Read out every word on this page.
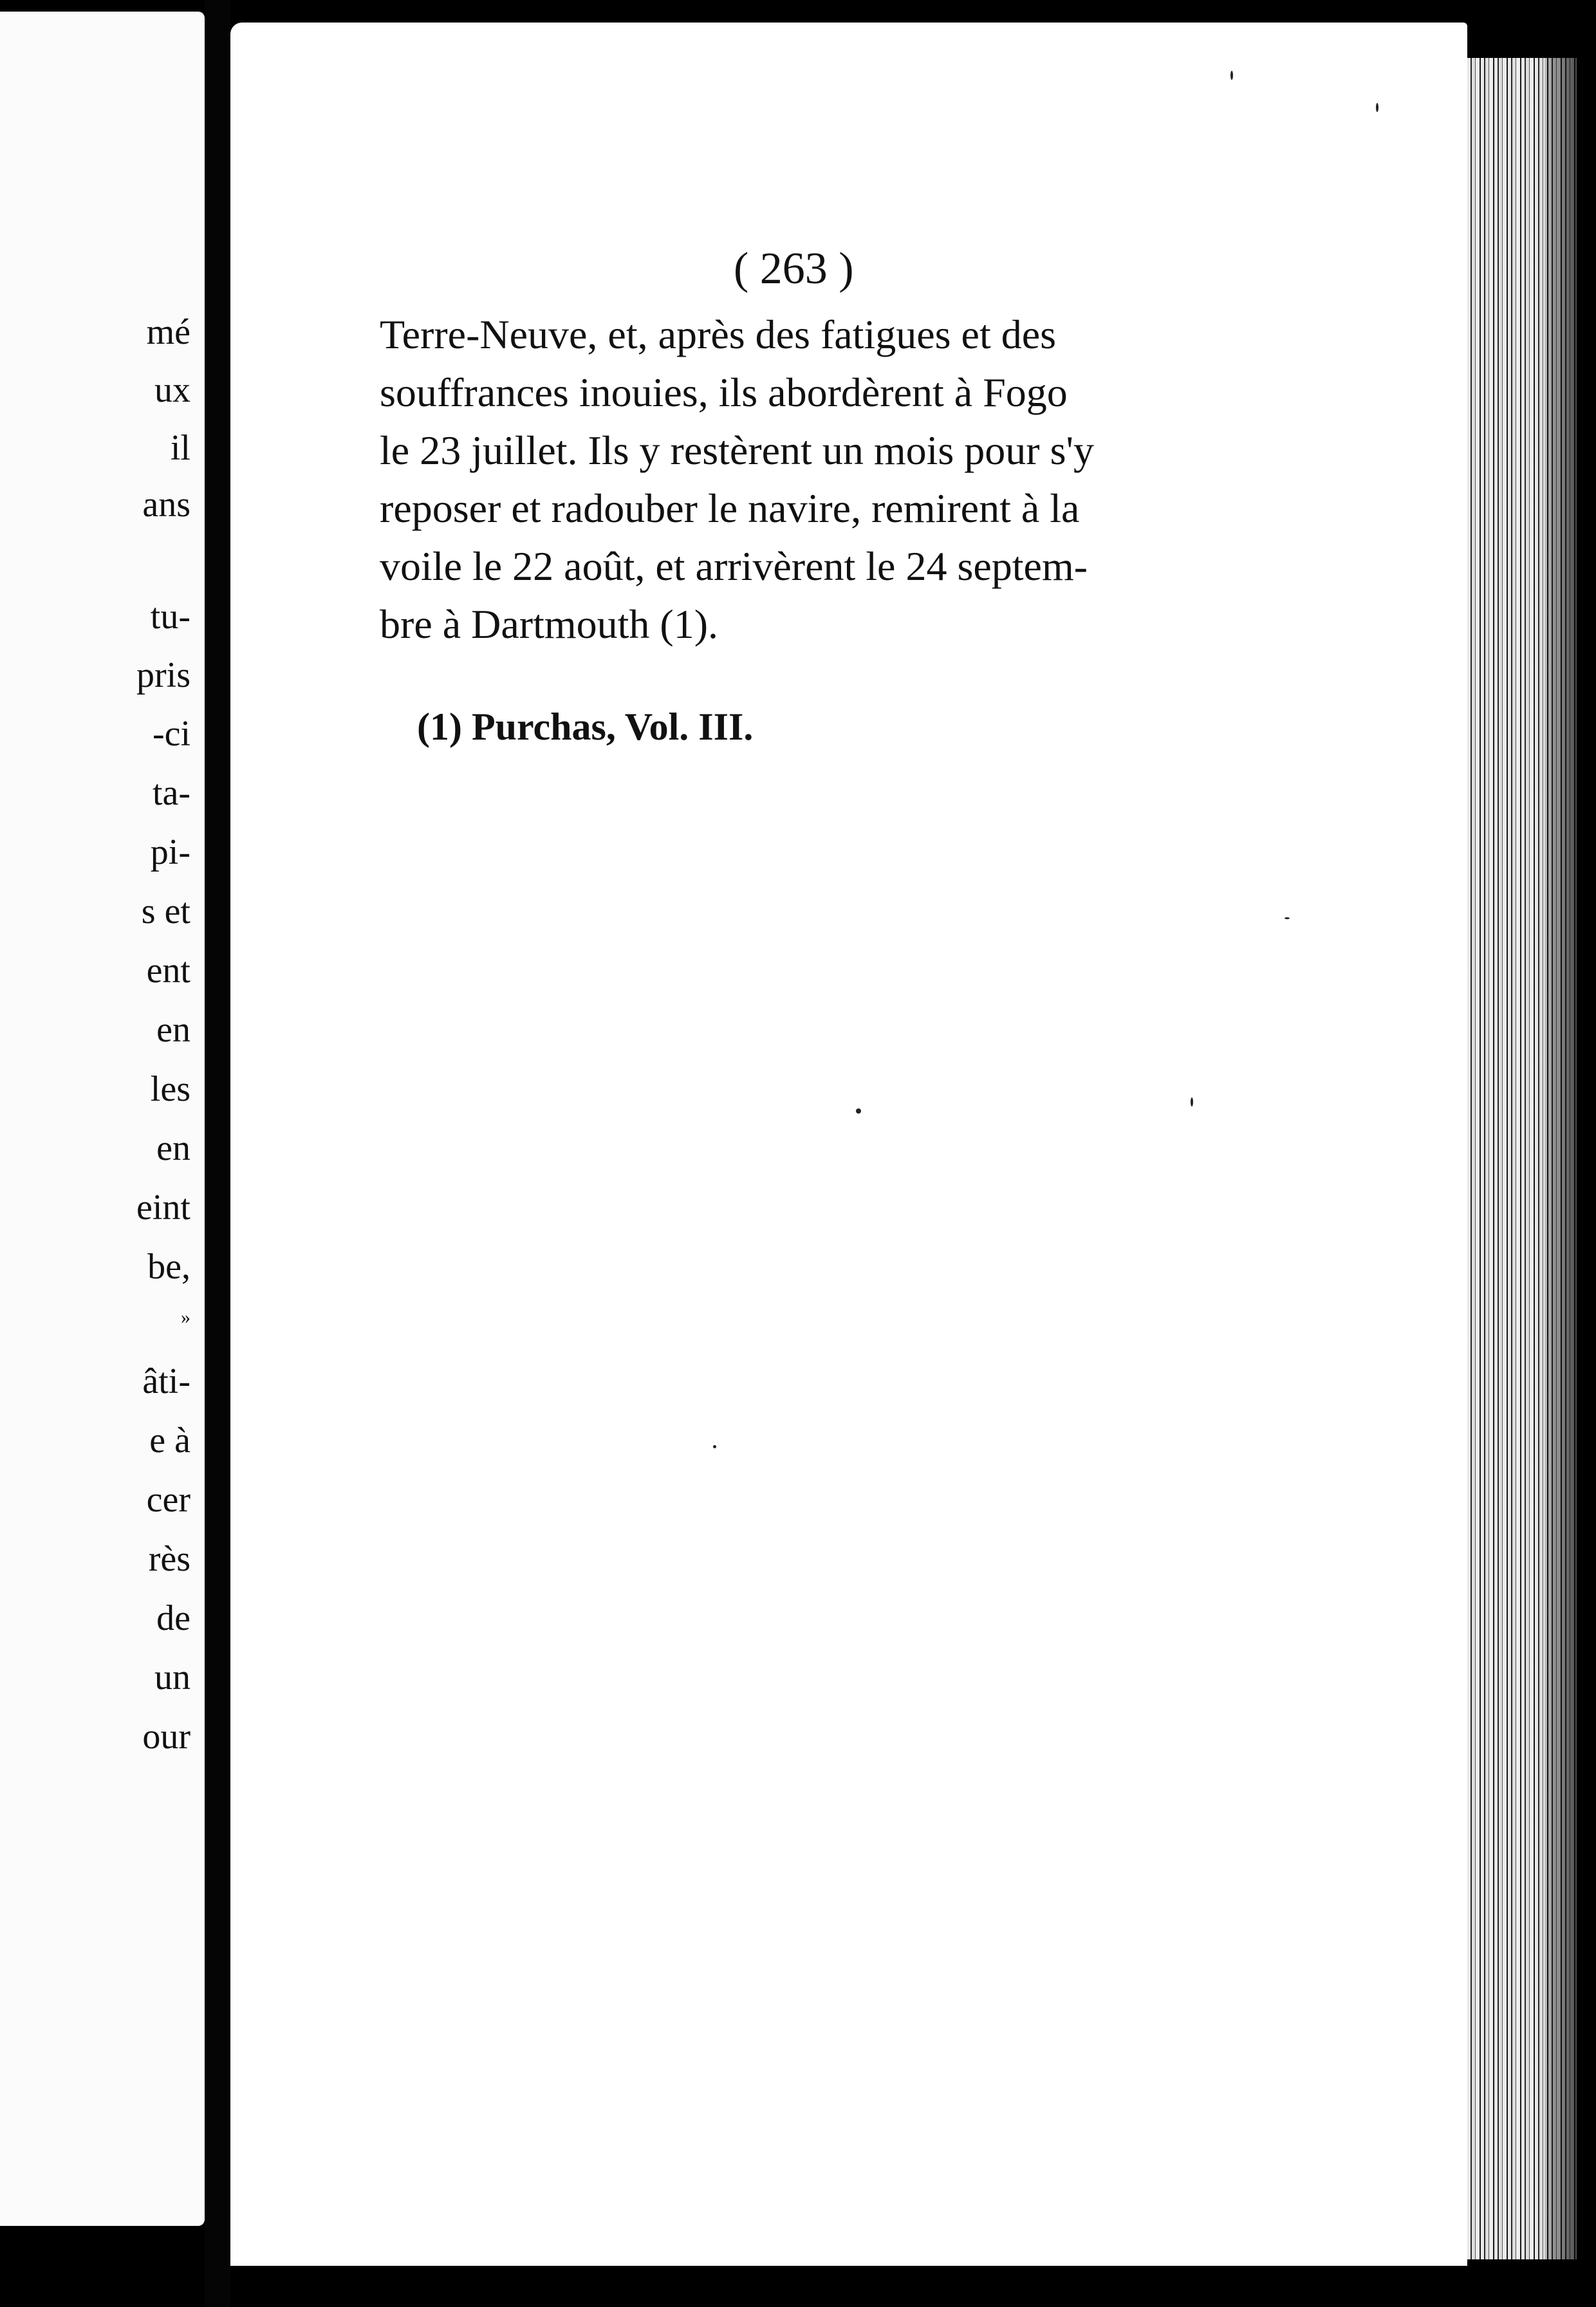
mé
ux
il
ans
tu-
pris
-ci
ta-
pi-
s et
ent
en
les
en
eint
be,
»
âti-
e à
cer
rès
de
un
our
( 263 )
Terre-Neuve, et, après des fatigues et des
souffrances inouies, ils abordèrent à Fogo
le 23 juillet. Ils y restèrent un mois pour s'y
reposer et radouber le navire, remirent à la
voile le 22 août, et arrivèrent le 24 septem-
bre à Dartmouth (1).
(1) Purchas, Vol. III.
